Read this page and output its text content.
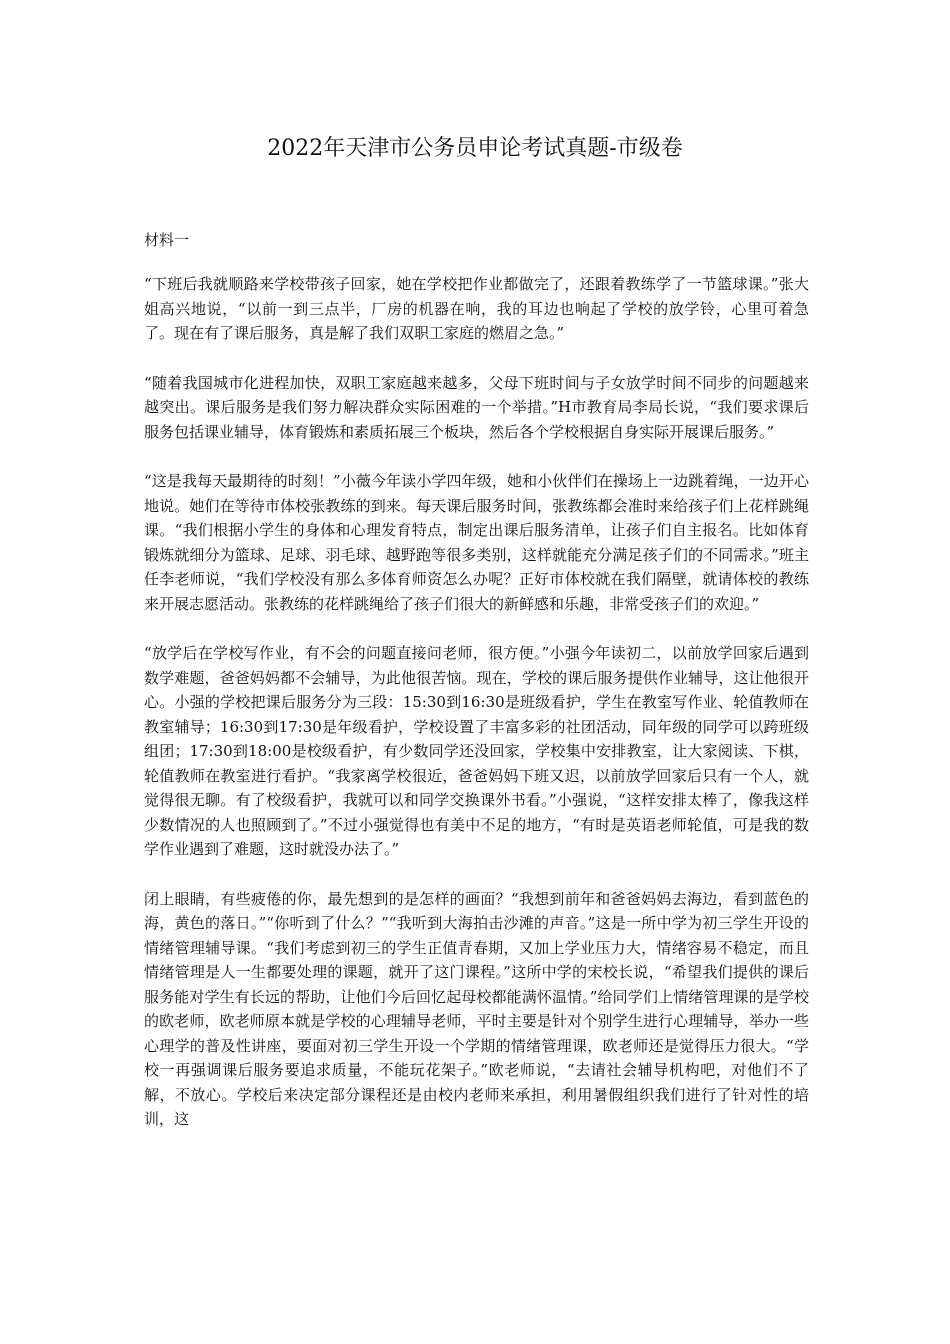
2022年天津市公务员申论考试真题-市级卷

材料一

“下班后我就顺路来学校带孩子回家，她在学校把作业都做完了，还跟着教练学了一节篮球课。”张大姐高兴地说，“以前一到三点半，厂房的机器在响，我的耳边也响起了学校的放学铃，心里可着急了。现在有了课后服务，真是解了我们双职工家庭的燃眉之急。”

“随着我国城市化进程加快，双职工家庭越来越多，父母下班时间与子女放学时间不同步的问题越来越突出。课后服务是我们努力解决群众实际困难的一个举措。”H市教育局李局长说，“我们要求课后服务包括课业辅导，体育锻炼和素质拓展三个板块，然后各个学校根据自身实际开展课后服务。”

“这是我每天最期待的时刻！”小薇今年读小学四年级，她和小伙伴们在操场上一边跳着绳，一边开心地说。她们在等待市体校张教练的到来。每天课后服务时间，张教练都会准时来给孩子们上花样跳绳课。“我们根据小学生的身体和心理发育特点，制定出课后服务清单，让孩子们自主报名。比如体育锻炼就细分为篮球、足球、羽毛球、越野跑等很多类别，这样就能充分满足孩子们的不同需求。”班主任李老师说，“我们学校没有那么多体育师资怎么办呢？正好市体校就在我们隔壁，就请体校的教练来开展志愿活动。张教练的花样跳绳给了孩子们很大的新鲜感和乐趣，非常受孩子们的欢迎。”

“放学后在学校写作业，有不会的问题直接问老师，很方便。”小强今年读初二，以前放学回家后遇到数学难题，爸爸妈妈都不会辅导，为此他很苦恼。现在，学校的课后服务提供作业辅导，这让他很开心。小强的学校把课后服务分为三段：15:30到16:30是班级看护，学生在教室写作业、轮值教师在教室辅导；16:30到17:30是年级看护，学校设置了丰富多彩的社团活动，同年级的同学可以跨班级组团；17:30到18:00是校级看护，有少数同学还没回家，学校集中安排教室，让大家阅读、下棋，轮值教师在教室进行看护。“我家离学校很近，爸爸妈妈下班又迟，以前放学回家后只有一个人，就觉得很无聊。有了校级看护，我就可以和同学交换课外书看。”小强说，“这样安排太棒了，像我这样少数情况的人也照顾到了。”不过小强觉得也有美中不足的地方，“有时是英语老师轮值，可是我的数学作业遇到了难题，这时就没办法了。”

闭上眼睛，有些疲倦的你，最先想到的是怎样的画面？“我想到前年和爸爸妈妈去海边，看到蓝色的海，黄色的落日。”“你听到了什么？”“我听到大海拍击沙滩的声音。”这是一所中学为初三学生开设的情绪管理辅导课。“我们考虑到初三的学生正值青春期，又加上学业压力大，情绪容易不稳定，而且情绪管理是人一生都要处理的课题，就开了这门课程。”这所中学的宋校长说，“希望我们提供的课后服务能对学生有长远的帮助，让他们今后回忆起母校都能满怀温情。”给同学们上情绪管理课的是学校的欧老师，欧老师原本就是学校的心理辅导老师，平时主要是针对个别学生进行心理辅导，举办一些心理学的普及性讲座，要面对初三学生开设一个学期的情绪管理课，欧老师还是觉得压力很大。“学校一再强调课后服务要追求质量，不能玩花架子。”欧老师说，“去请社会辅导机构吧，对他们不了解，不放心。学校后来决定部分课程还是由校内老师来承担，利用暑假组织我们进行了针对性的培训，这
